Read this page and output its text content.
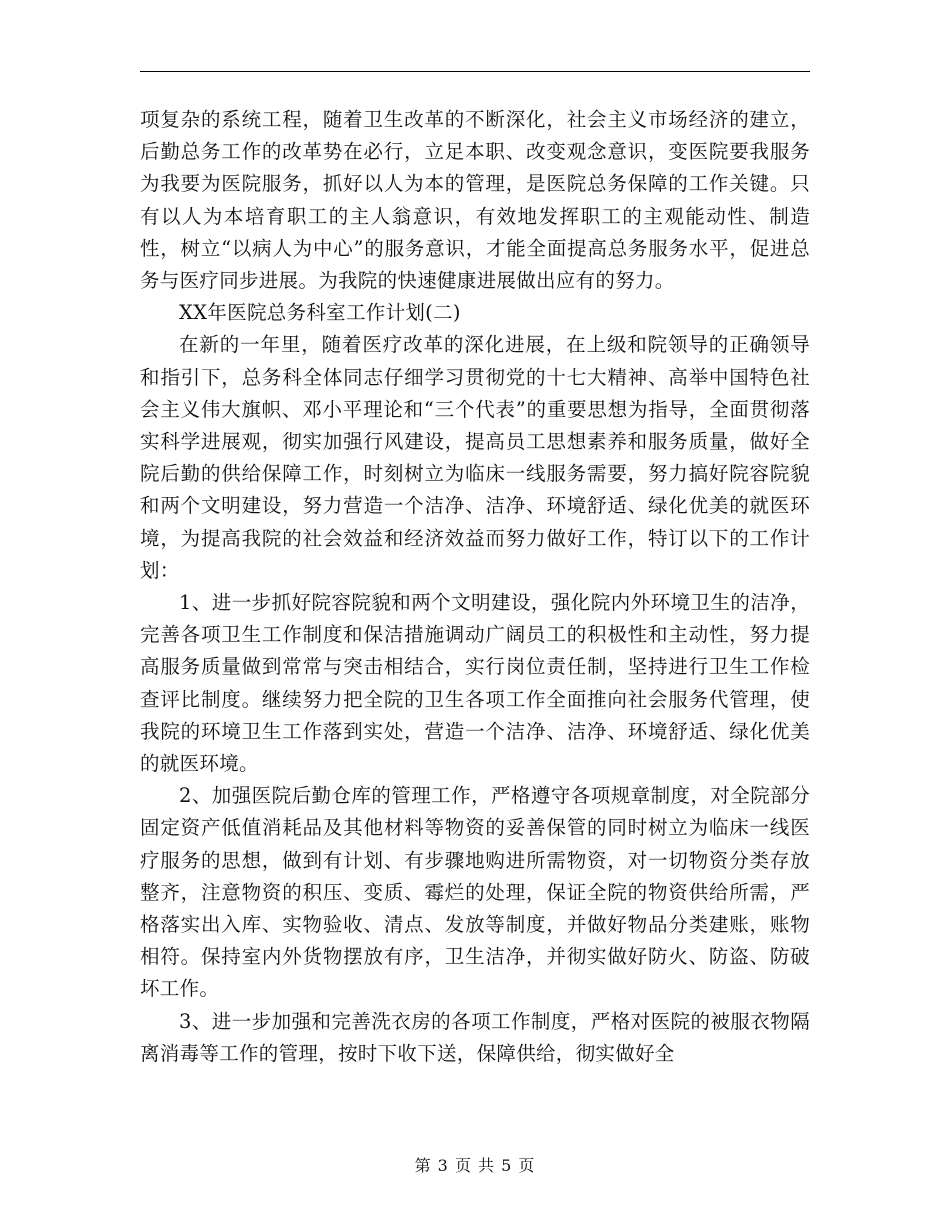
项复杂的系统工程，随着卫生改革的不断深化，社会主义市场经济的建立，后勤总务工作的改革势在必行，立足本职、改变观念意识，变医院要我服务为我要为医院服务，抓好以人为本的管理，是医院总务保障的工作关键。只有以人为本培育职工的主人翁意识，有效地发挥职工的主观能动性、制造性，树立“以病人为中心”的服务意识，才能全面提高总务服务水平，促进总务与医疗同步进展。为我院的快速健康进展做出应有的努力。

XX年医院总务科室工作计划(二)

在新的一年里，随着医疗改革的深化进展，在上级和院领导的正确领导和指引下，总务科全体同志仔细学习贯彻党的十七大精神、高举中国特色社会主义伟大旗帜、邓小平理论和“三个代表”的重要思想为指导，全面贯彻落实科学进展观，彻实加强行风建设，提高员工思想素养和服务质量，做好全院后勤的供给保障工作，时刻树立为临床一线服务需要，努力搞好院容院貌和两个文明建设，努力营造一个洁净、洁净、环境舒适、绿化优美的就医环境，为提高我院的社会效益和经济效益而努力做好工作，特订以下的工作计划：

1、进一步抓好院容院貌和两个文明建设，强化院内外环境卫生的洁净，完善各项卫生工作制度和保洁措施调动广阔员工的积极性和主动性，努力提高服务质量做到常常与突击相结合，实行岗位责任制，坚持进行卫生工作检查评比制度。继续努力把全院的卫生各项工作全面推向社会服务代管理，使我院的环境卫生工作落到实处，营造一个洁净、洁净、环境舒适、绿化优美的就医环境。

2、加强医院后勤仓库的管理工作，严格遵守各项规章制度，对全院部分固定资产低值消耗品及其他材料等物资的妥善保管的同时树立为临床一线医疗服务的思想，做到有计划、有步骤地购进所需物资，对一切物资分类存放整齐，注意物资的积压、变质、霉烂的处理，保证全院的物资供给所需，严格落实出入库、实物验收、清点、发放等制度，并做好物品分类建账，账物相符。保持室内外货物摆放有序，卫生洁净，并彻实做好防火、防盗、防破坏工作。

3、进一步加强和完善洗衣房的各项工作制度，严格对医院的被服衣物隔离消毒等工作的管理，按时下收下送，保障供给，彻实做好全

第 3 页 共 5 页
